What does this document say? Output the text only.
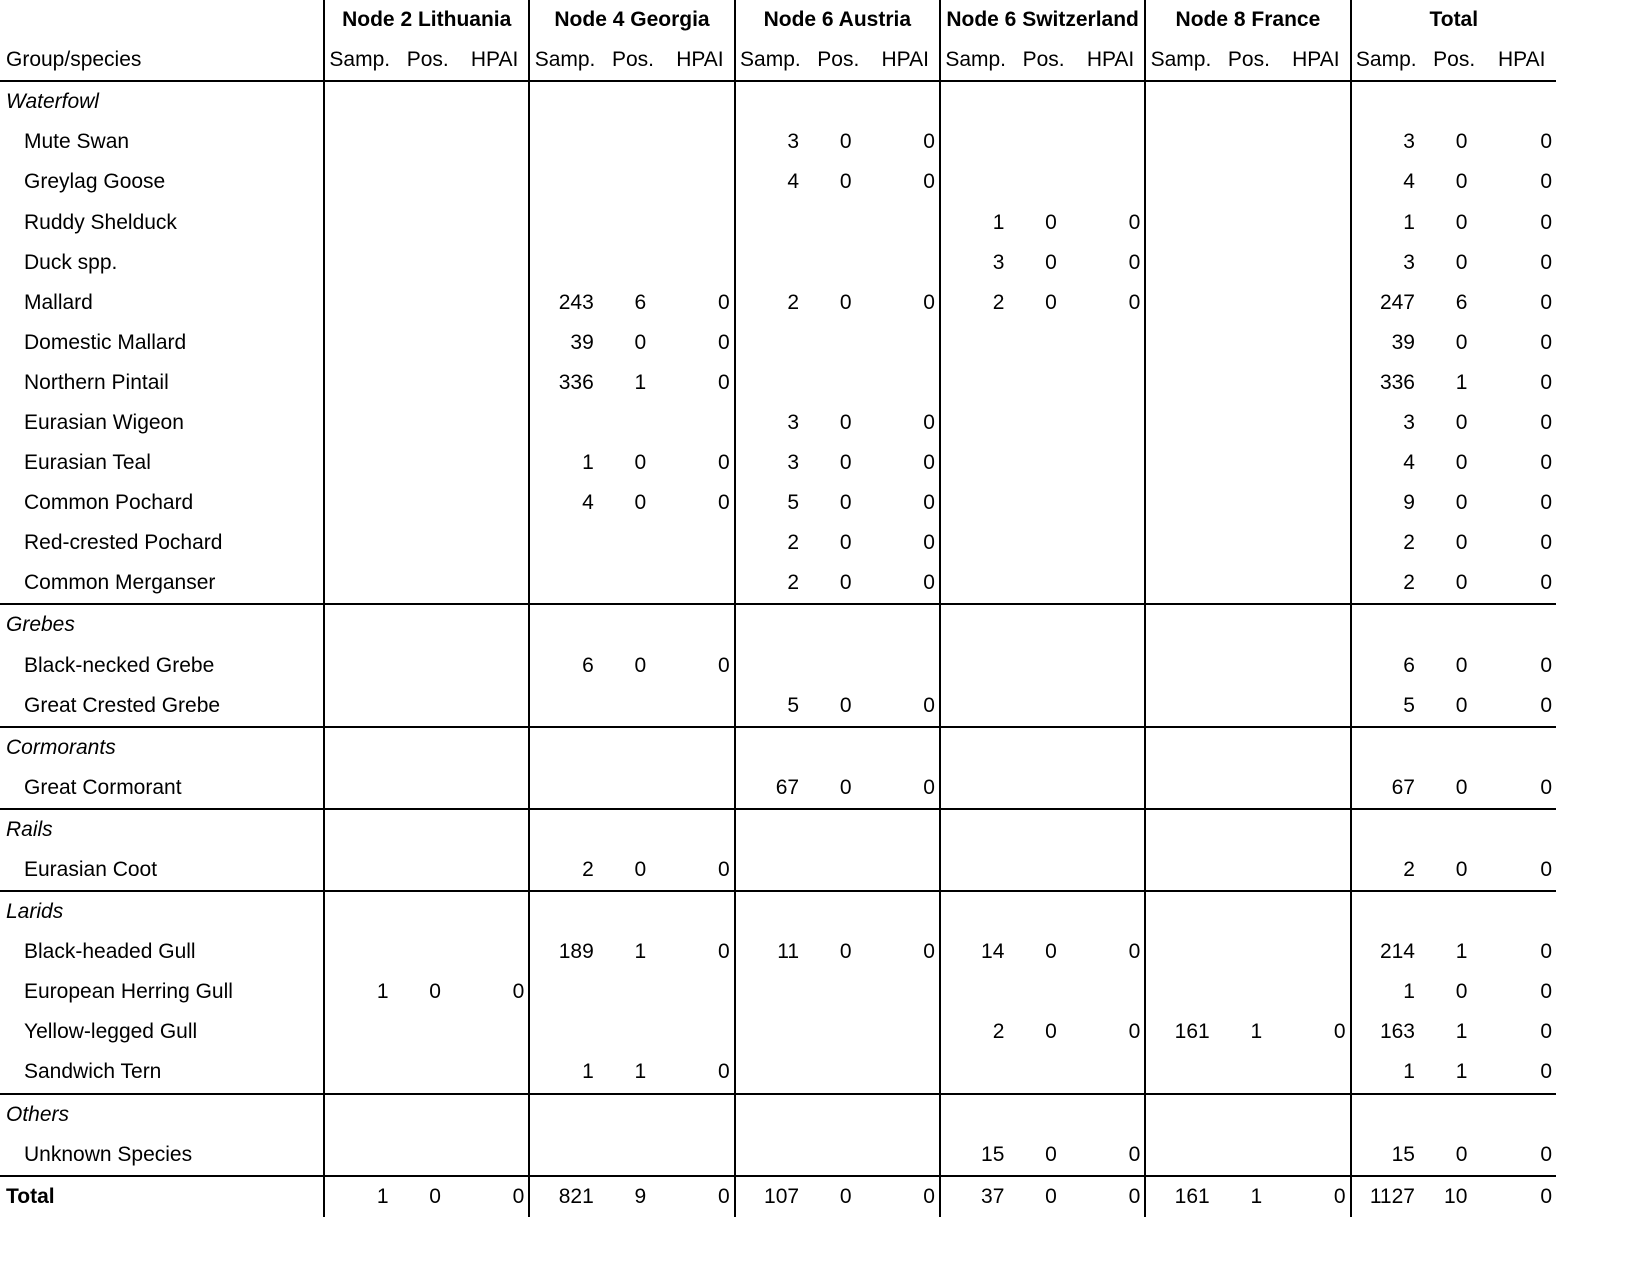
	Node 2 Lithuania			Node 4 Georgia			Node 6 Austria			Node 6 Switzerland			Node 8 France			Total		
Group/species	Samp.	Pos.	HPAI	Samp.	Pos.	HPAI	Samp.	Pos.	HPAI	Samp.	Pos.	HPAI	Samp.	Pos.	HPAI	Samp.	Pos.	HPAI
Waterfowl																		
Mute Swan							3	0	0							3	0	0
Greylag Goose							4	0	0							4	0	0
Ruddy Shelduck										1	0	0				1	0	0
Duck spp.										3	0	0				3	0	0
Mallard				243	6	0	2	0	0	2	0	0				247	6	0
Domestic Mallard				39	0	0										39	0	0
Northern Pintail				336	1	0										336	1	0
Eurasian Wigeon							3	0	0							3	0	0
Eurasian Teal				1	0	0	3	0	0							4	0	0
Common Pochard				4	0	0	5	0	0							9	0	0
Red-crested Pochard							2	0	0							2	0	0
Common Merganser							2	0	0							2	0	0
Grebes																		
Black-necked Grebe				6	0	0										6	0	0
Great Crested Grebe							5	0	0							5	0	0
Cormorants																		
Great Cormorant							67	0	0							67	0	0
Rails																		
Eurasian Coot				2	0	0										2	0	0
Larids																		
Black-headed Gull				189	1	0	11	0	0	14	0	0				214	1	0
European Herring Gull	1	0	0													1	0	0
Yellow-legged Gull										2	0	0	161	1	0	163	1	0
Sandwich Tern				1	1	0										1	1	0
Others																		
Unknown Species										15	0	0				15	0	0
Total	1	0	0	821	9	0	107	0	0	37	0	0	161	1	0	1127	10	0
